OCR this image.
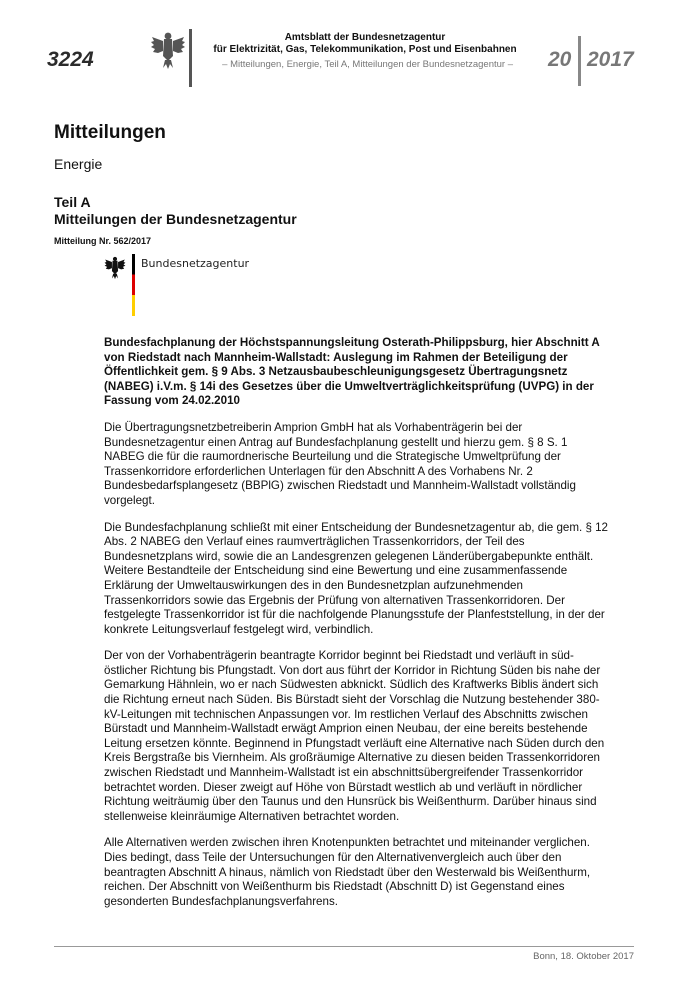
3224
Amtsblatt der Bundesnetzagentur
für Elektrizität, Gas, Telekommunikation, Post und Eisenbahnen
– Mitteilungen, Energie, Teil A, Mitteilungen der Bundesnetzagentur – 20 2017
Mitteilungen
Energie
Teil A
Mitteilungen der Bundesnetzagentur
Mitteilung Nr. 562/2017
Bundesnetzagentur
Bundesfachplanung der Höchstspannungsleitung Osterath-Philippsburg, hier Abschnitt A von Riedstadt nach Mannheim-Wallstadt: Auslegung im Rahmen der Beteiligung der Öffentlichkeit gem. § 9 Abs. 3 Netzausbaubeschleunigungsgesetz Übertragungsnetz (NABEG) i.V.m. § 14i des Gesetzes über die Umweltverträglichkeitsprüfung (UVPG) in der Fassung vom 24.02.2010

Die Übertragungsnetzbetreiberin Amprion GmbH hat als Vorhabenträgerin bei der Bundesnetzagentur einen Antrag auf Bundesfachplanung gestellt und hierzu gem. § 8 S. 1 NABEG die für die raumordnerische Beurteilung und die Strategische Umweltprüfung der Trassenkorridore erforderlichen Unterlagen für den Abschnitt A des Vorhabens Nr. 2 Bundesbedarfsplangesetz (BBPlG) zwischen Riedstadt und Mannheim-Wallstadt vollständig vorgelegt.

Die Bundesfachplanung schließt mit einer Entscheidung der Bundesnetzagentur ab, die gem. § 12 Abs. 2 NABEG den Verlauf eines raumverträglichen Trassenkorridors, der Teil des Bundesnetzplans wird, sowie die an Landesgrenzen gelegenen Länderübergabepunkte enthält. Weitere Bestandteile der Entscheidung sind eine Bewertung und eine zusammenfassende Erklärung der Umweltauswirkungen des in den Bundesnetzplan aufzunehmenden Trassenkorridors sowie das Ergebnis der Prüfung von alternativen Trassenkorridoren. Der festgelegte Trassenkorridor ist für die nachfolgende Planungsstufe der Planfeststellung, in der der konkrete Leitungsverlauf festgelegt wird, verbindlich.

Der von der Vorhabenträgerin beantragte Korridor beginnt bei Riedstadt und verläuft in süd-östlicher Richtung bis Pfungstadt. Von dort aus führt der Korridor in Richtung Süden bis nahe der Gemarkung Hähnlein, wo er nach Südwesten abknickt. Südlich des Kraftwerks Biblis ändert sich die Richtung erneut nach Süden. Bis Bürstadt sieht der Vorschlag die Nutzung bestehender 380-kV-Leitungen mit technischen Anpassungen vor. Im restlichen Verlauf des Abschnitts zwischen Bürstadt und Mannheim-Wallstadt erwägt Amprion einen Neubau, der eine bereits bestehende Leitung ersetzen könnte. Beginnend in Pfungstadt verläuft eine Alternative nach Süden durch den Kreis Bergstraße bis Viernheim. Als großräumige Alternative zu diesen beiden Trassenkorridoren zwischen Riedstadt und Mannheim-Wallstadt ist ein abschnittsübergreifender Trassenkorridor betrachtet worden. Dieser zweigt auf Höhe von Bürstadt westlich ab und verläuft in nördlicher Richtung weiträumig über den Taunus und den Hunsrück bis Weißenthurm. Darüber hinaus sind stellenweise kleinräumige Alternativen betrachtet worden.

Alle Alternativen werden zwischen ihren Knotenpunkten betrachtet und miteinander verglichen. Dies bedingt, dass Teile der Untersuchungen für den Alternativenvergleich auch über den beantragten Abschnitt A hinaus, nämlich von Riedstadt über den Westerwald bis Weißenthurm, reichen. Der Abschnitt von Weißenthurm bis Riedstadt (Abschnitt D) ist Gegenstand eines gesonderten Bundesfachplanungsverfahrens.

Bonn, 18. Oktober 2017
